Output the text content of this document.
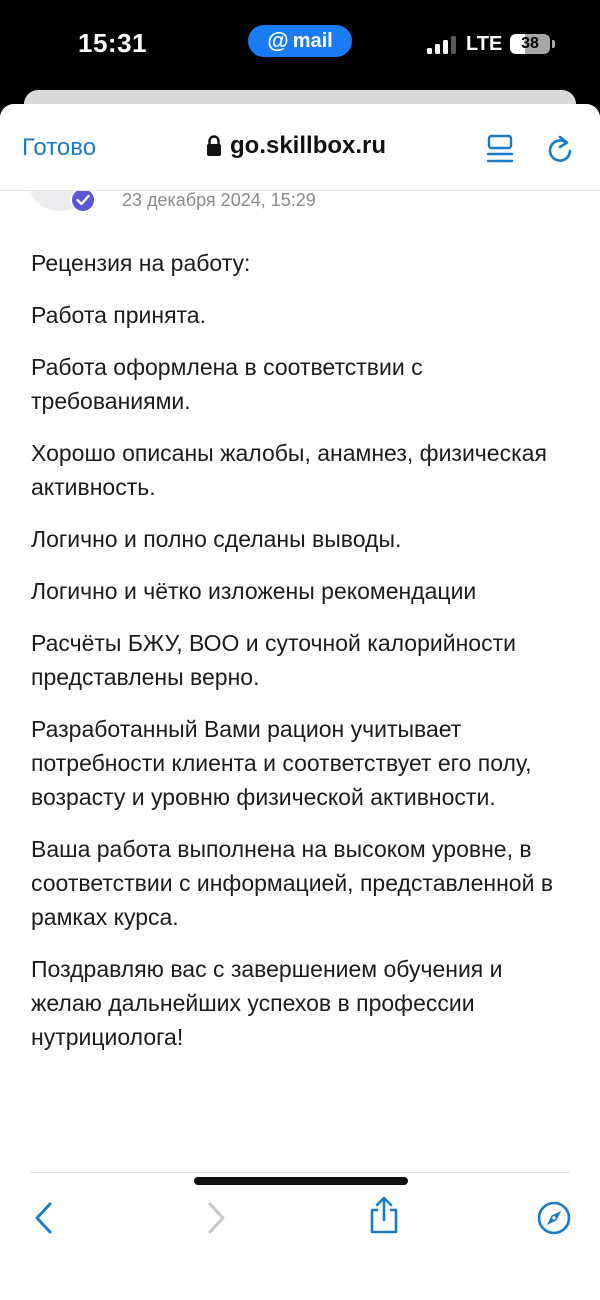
15:31	@ mail	LTE	38
Готово	go.skillbox.ru
23 декабря 2024, 15:29

Рецензия на работу:

Работа принята.

Работа оформлена в соответствии с требованиями.

Хорошо описаны жалобы, анамнез, физическая активность.

Логично и полно сделаны выводы.

Логично и чётко изложены рекомендации

Расчёты БЖУ, ВОО и суточной калорийности представлены верно.

Разработанный Вами рацион учитывает потребности клиента и соответствует его полу, возрасту и уровню физической активности.

Ваша работа выполнена на высоком уровне, в соответствии с информацией, представленной в рамках курса.

Поздравляю вас с завершением обучения и желаю дальнейших успехов в профессии нутрициолога!
